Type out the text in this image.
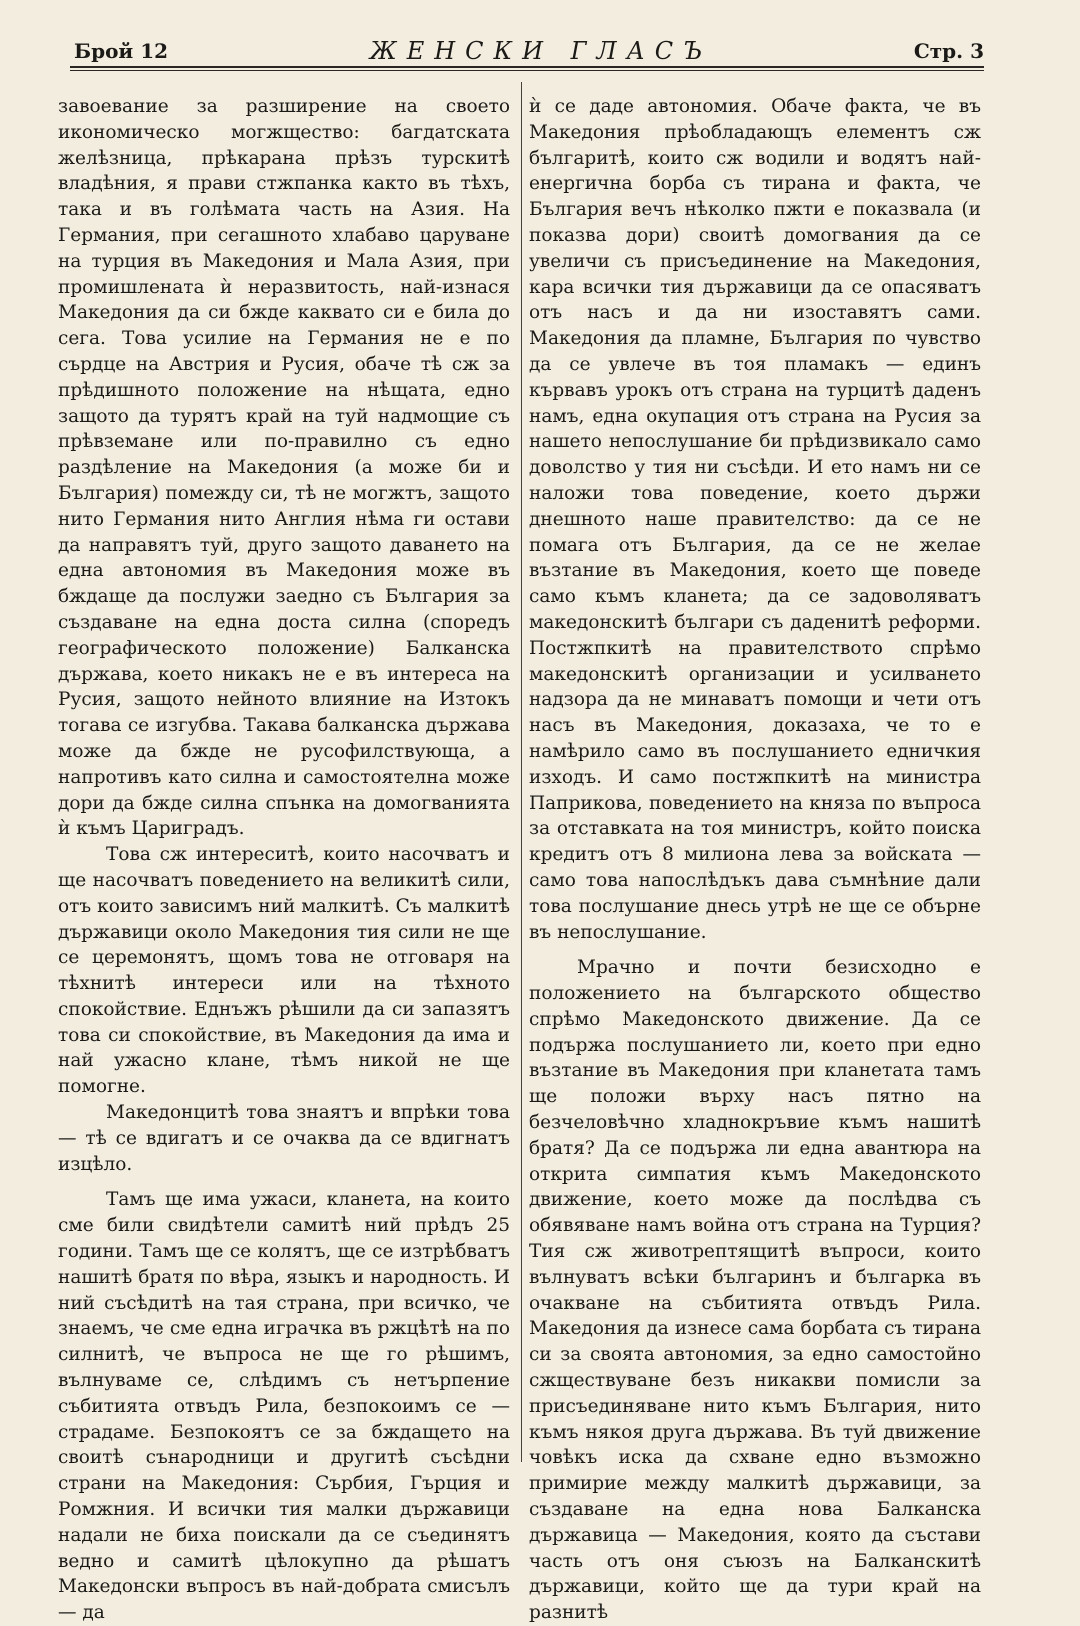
Брой 12	ЖЕНСКИ ГЛАСЪ	Стр. 3

завоевание за разширение на своето икономическо могжщество: багдатската желѣзница, прѣкарана прѣзъ турскитѣ владѣния, я прави стжпанка както въ тѣхъ, така и въ голѣмата часть на Азия. На Германия, при сегашното хлабаво царуване на турция въ Македония и Мала Азия, при промишлената ѝ неразвитость, най-изнася Македония да си бжде каквато си е била до сега. Това усилие на Германия не е по сърдце на Австрия и Русия, обаче тѣ сж за прѣдишното положение на нѣщата, едно защото да турятъ край на туй надмощие съ прѣвземане или по-правилно съ едно раздѣление на Македония (а може би и България) помежду си, тѣ не могжтъ, защото нито Германия нито Англия нѣма ги остави да направятъ туй, друго защото даването на една автономия въ Македония може въ бждаще да послужи заедно съ България за създаване на една доста силна (споредъ географическото положение) Балканска държава, което никакъ не е въ интереса на Русия, защото нейното влияние на Изтокъ тогава се изгубва. Такава балканска държава може да бжде не русофилствующа, а напротивъ като силна и самостоятелна може дори да бжде силна спънка на домогванията ѝ къмъ Цариградъ.

Това сж интереситѣ, които насочватъ и ще насочватъ поведението на великитѣ сили, отъ които зависимъ ний малкитѣ. Съ малкитѣ държавици около Македония тия сили не ще се церемонятъ, щомъ това не отговаря на тѣхнитѣ интереси или на тѣхното спокойствие. Еднъжъ рѣшили да си запазятъ това си спокойствие, въ Македония да има и най ужасно клане, тѣмъ никой не ще помогне.

Македонцитѣ това знаятъ и впрѣки това — тѣ се вдигатъ и се очаква да се вдигнатъ изцѣло.

Тамъ ще има ужаси, кланета, на които сме били свидѣтели самитѣ ний прѣдъ 25 години. Тамъ ще се колятъ, ще се изтрѣбватъ нашитѣ братя по вѣра, языкъ и народность. И ний съсѣдитѣ на тая страна, при всичко, че знаемъ, че сме една играчка въ ржцѣтѣ на по силнитѣ, че въпроса не ще го рѣшимъ, вълнуваме се, слѣдимъ съ нетърпение събитията отвъдъ Рила, безпокоимъ се — страдаме. Безпокоятъ се за бждащето на своитѣ сънародници и другитѣ съсѣдни страни на Македония: Сърбия, Гърция и Ромжния. И всички тия малки държавици надали не биха поискали да се съединятъ ведно и самитѣ цѣлокупно да рѣшатъ Македонски въпросъ въ най-добрата смисълъ — да

ѝ се даде автономия. Обаче факта, че въ Македония прѣобладающъ елементъ сж българитѣ, които сж водили и водятъ най-енергична борба съ тирана и факта, че България вечъ нѣколко пжти е показвала (и показва дори) своитѣ домогвания да се увеличи съ присъединение на Македония, кара всички тия държавици да се опасяватъ отъ насъ и да ни изоставятъ сами. Македония да пламне, България по чувство да се увлече въ тоя пламакъ — единъ кървавъ урокъ отъ страна на турцитѣ даденъ намъ, една окупация отъ страна на Русия за нашето непослушание би прѣдизвикало само доволство у тия ни съсѣди. И ето намъ ни се наложи това поведение, което държи днешното наше правителство: да се не помага отъ България, да се не желае възтание въ Македония, което ще поведе само къмъ кланета; да се задоволяватъ македонскитѣ българи съ даденитѣ реформи. Постжпкитѣ на правителството спрѣмо македонскитѣ организации и усилването надзора да не минаватъ помощи и чети отъ насъ въ Македония, доказаха, че то е намѣрило само въ послушанието едничкия изходъ. И само постжпкитѣ на министра Паприкова, поведението на княза по въпроса за отставката на тоя министръ, който поиска кредитъ отъ 8 милиона лева за войската — само това напослѣдъкъ дава съмнѣние дали това послушание днесь утрѣ не ще се обърне въ непослушание.

Мрачно и почти безисходно е положението на българското общество спрѣмо Македонското движение. Да се подържа послушанието ли, което при едно възтание въ Македония при кланетата тамъ ще положи върху насъ пятно на безчеловѣчно хладнокръвие къмъ нашитѣ братя? Да се подържа ли една авантюра на открита симпатия къмъ Македонското движение, което може да послѣдва съ обявяване намъ война отъ страна на Турция? Тия сж животрептящитѣ въпроси, които вълнуватъ всѣки българинъ и българка въ очакване на събитията отвъдъ Рила. Македония да изнесе сама борбата съ тирана си за своята автономия, за едно самостойно сжществуване безъ никакви помисли за присъединяване нито къмъ България, нито къмъ някоя друга държава. Въ туй движение човѣкъ иска да схване едно възможно примирие между малкитѣ държавици, за създаване на една нова Балканска държавица — Македония, която да състави часть отъ оня съюзъ на Балканскитѣ държавици, който ще да тури край на разнитѣ
